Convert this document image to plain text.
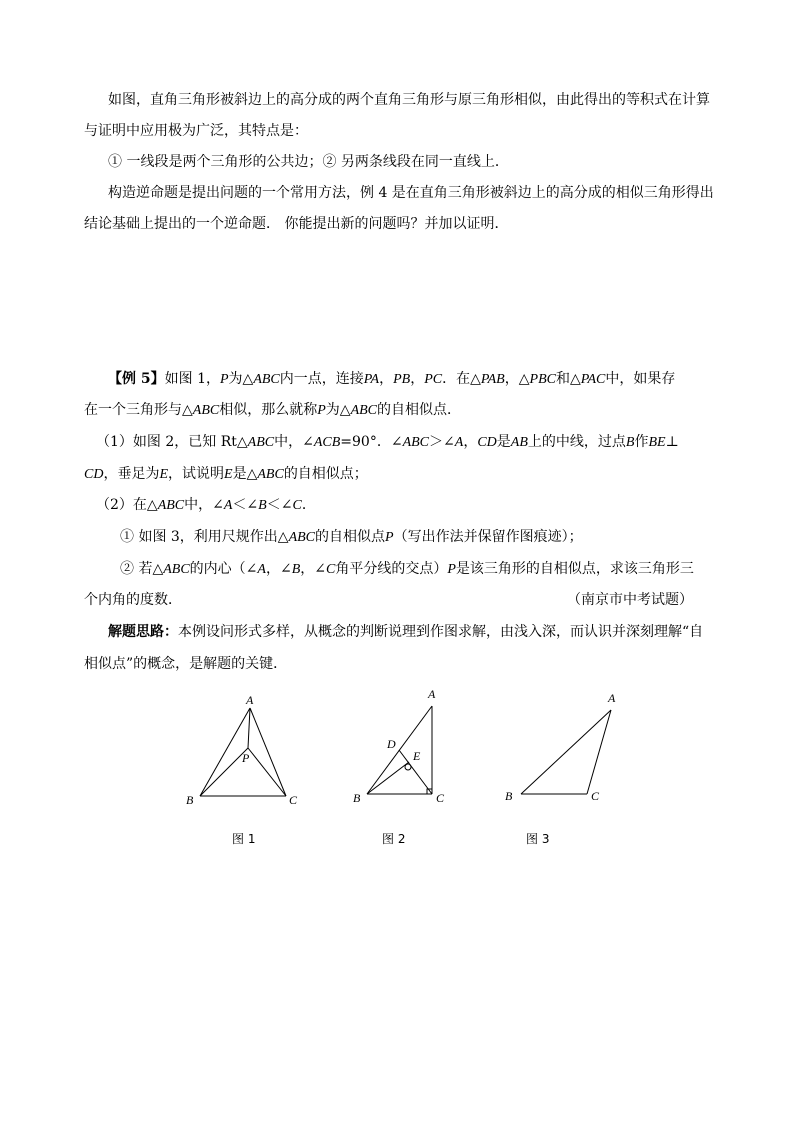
如图，直角三角形被斜边上的高分成的两个直角三角形与原三角形相似，由此得出的等积式在计算
与证明中应用极为广泛，其特点是：
① 一线段是两个三角形的公共边；② 另两条线段在同一直线上．
构造逆命题是提出问题的一个常用方法，例 4 是在直角三角形被斜边上的高分成的相似三角形得出
结论基础上提出的一个逆命题． 你能提出新的问题吗？并加以证明．
【例 5】如图 1，P为△ABC内一点，连接PA，PB，PC．在△PAB，△PBC和△PAC中，如果存
在一个三角形与△ABC相似，那么就称P为△ABC的自相似点．
（1）如图 2，已知 Rt△ABC中，∠ACB=90°．∠ABC＞∠A，CD是AB上的中线，过点B作BE⊥
CD，垂足为E，试说明E是△ABC的自相似点；
（2）在△ABC中，∠A＜∠B＜∠C．
① 如图 3，利用尺规作出△ABC的自相似点P（写出作法并保留作图痕迹）；
② 若△ABC的内心（∠A，∠B，∠C角平分线的交点）P是该三角形的自相似点，求该三角形三
个内角的度数．	（南京市中考试题）
解题思路：本例设问形式多样，从概念的判断说理到作图求解，由浅入深，而认识并深刻理解“自
相似点”的概念，是解题的关键．
A
P
B	C
图 1
A
D
E
B	C
图 2
A
B	C
图 3
